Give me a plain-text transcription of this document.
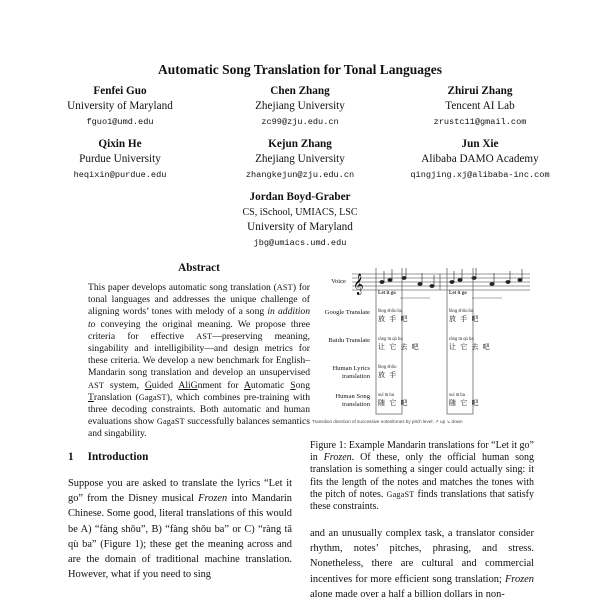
Automatic Song Translation for Tonal Languages
Fenfei Guo
University of Maryland
fguo1@umd.edu
Chen Zhang
Zhejiang University
zc99@zju.edu.cn
Zhirui Zhang
Tencent AI Lab
zrustc11@gmail.com
Qixin He
Purdue University
heqixin@purdue.edu
Kejun Zhang
Zhejiang University
zhangkejun@zju.edu.cn
Jun Xie
Alibaba DAMO Academy
qingjing.xj@alibaba-inc.com
Jordan Boyd-Graber
CS, iSchool, UMIACS, LSC
University of Maryland
jbg@umiacs.umd.edu
Abstract
This paper develops automatic song translation (AST) for tonal languages and addresses the unique challenge of aligning words’ tones with melody of a song in addition to conveying the original meaning. We propose three criteria for effective AST—preserving meaning, singability and intelligibility—and design metrics for these criteria. We develop a new benchmark for English–Mandarin song translation and develop an unsupervised AST system, Guided AliGnment for Automatic Song Translation (GagaST), which combines pre-training with three decoding constraints. Both automatic and human evaluations show GagaST successfully balances semantics and singability.
1 Introduction
Suppose you are asked to translate the lyrics “Let it go” from the Disney musical Frozen into Mandarin Chinese. Some good, literal translations of this would be A) “fàng shǒu”, B) “fàng shǒu ba” or C) “ràng tā qù ba” (Figure 1); these get the meaning across and are the domain of traditional machine translation. However, what if you need to sing
𝄞
Voice
Let it go	Let it go
Google Translate fàng shǒu ba
放 手 吧
fàng shǒu ba
放 手 吧
Baidu Translate ràng tā qù ba
让 它 去 吧
ràng tā qù ba
让 它 去 吧
Human Lyrics translation
fàng shǒu
放 手
Human Song translation
suí tā ba
随 它 吧
suí tā ba
随 它 吧
Transition direction of successive notes/tones by pitch level: ↗ up ↘ down
Figure 1: Example Mandarin translations for “Let it go” in Frozen. Of these, only the official human song translation is something a singer could actually sing: it fits the length of the notes and matches the tones with the pitch of notes. GagaST finds translations that satisfy these constraints.
and an unusually complex task, a translator consider rhythm, notes’ pitches, phrasing, and stress. Nonetheless, there are cultural and commercial incentives for more efficient song translation; Frozen alone made over a half a billion dollars in non-
